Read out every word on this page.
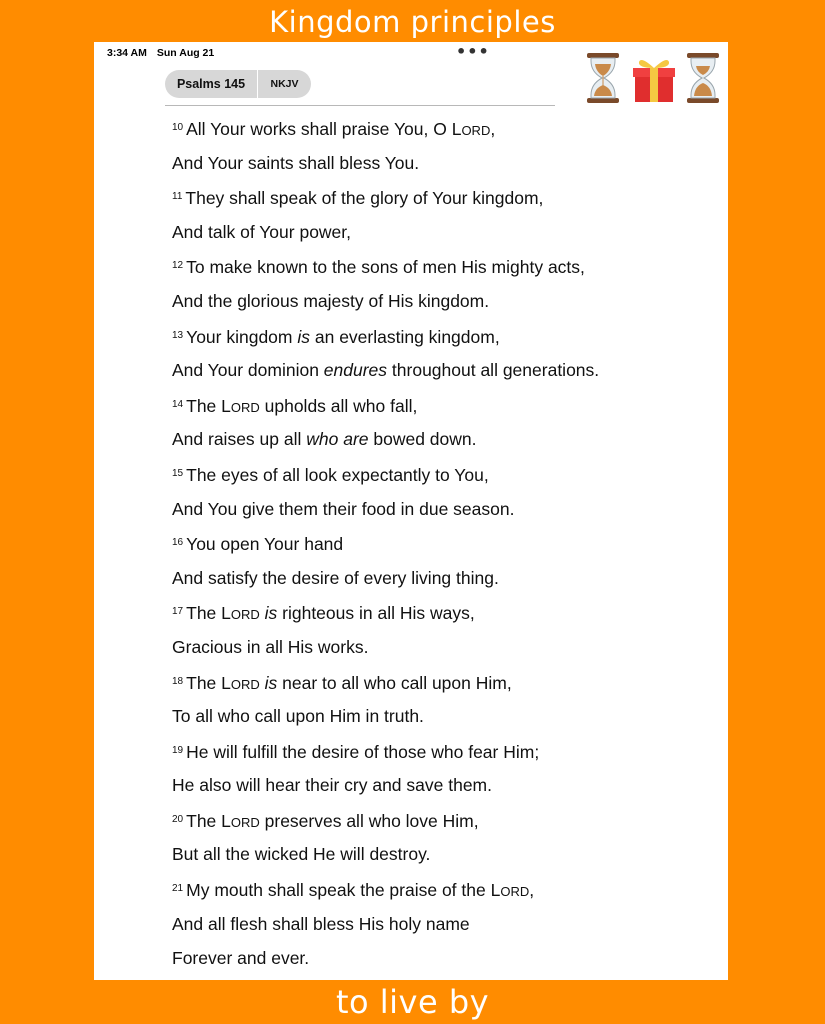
Kingdom principles
3:34 AM Sun Aug 21	•••
Psalms 145	NKJV
$^{10}$ All Your works shall praise You, O LORD,
And Your saints shall bless You.
$^{11}$ They shall speak of the glory of Your kingdom,
And talk of Your power,
$^{12}$ To make known to the sons of men His mighty acts,
And the glorious majesty of His kingdom.
$^{13}$ Your kingdom is an everlasting kingdom,
And Your dominion endures throughout all generations.
$^{14}$ The LORD upholds all who fall,
And raises up all who are bowed down.
$^{15}$ The eyes of all look expectantly to You,
And You give them their food in due season.
$^{16}$ You open Your hand
And satisfy the desire of every living thing.
$^{17}$ The LORD is righteous in all His ways,
Gracious in all His works.
$^{18}$ The LORD is near to all who call upon Him,
To all who call upon Him in truth.
$^{19}$ He will fulfill the desire of those who fear Him;
He also will hear their cry and save them.
$^{20}$ The LORD preserves all who love Him,
But all the wicked He will destroy.
$^{21}$ My mouth shall speak the praise of the LORD,
And all flesh shall bless His holy name
Forever and ever.
to live by
